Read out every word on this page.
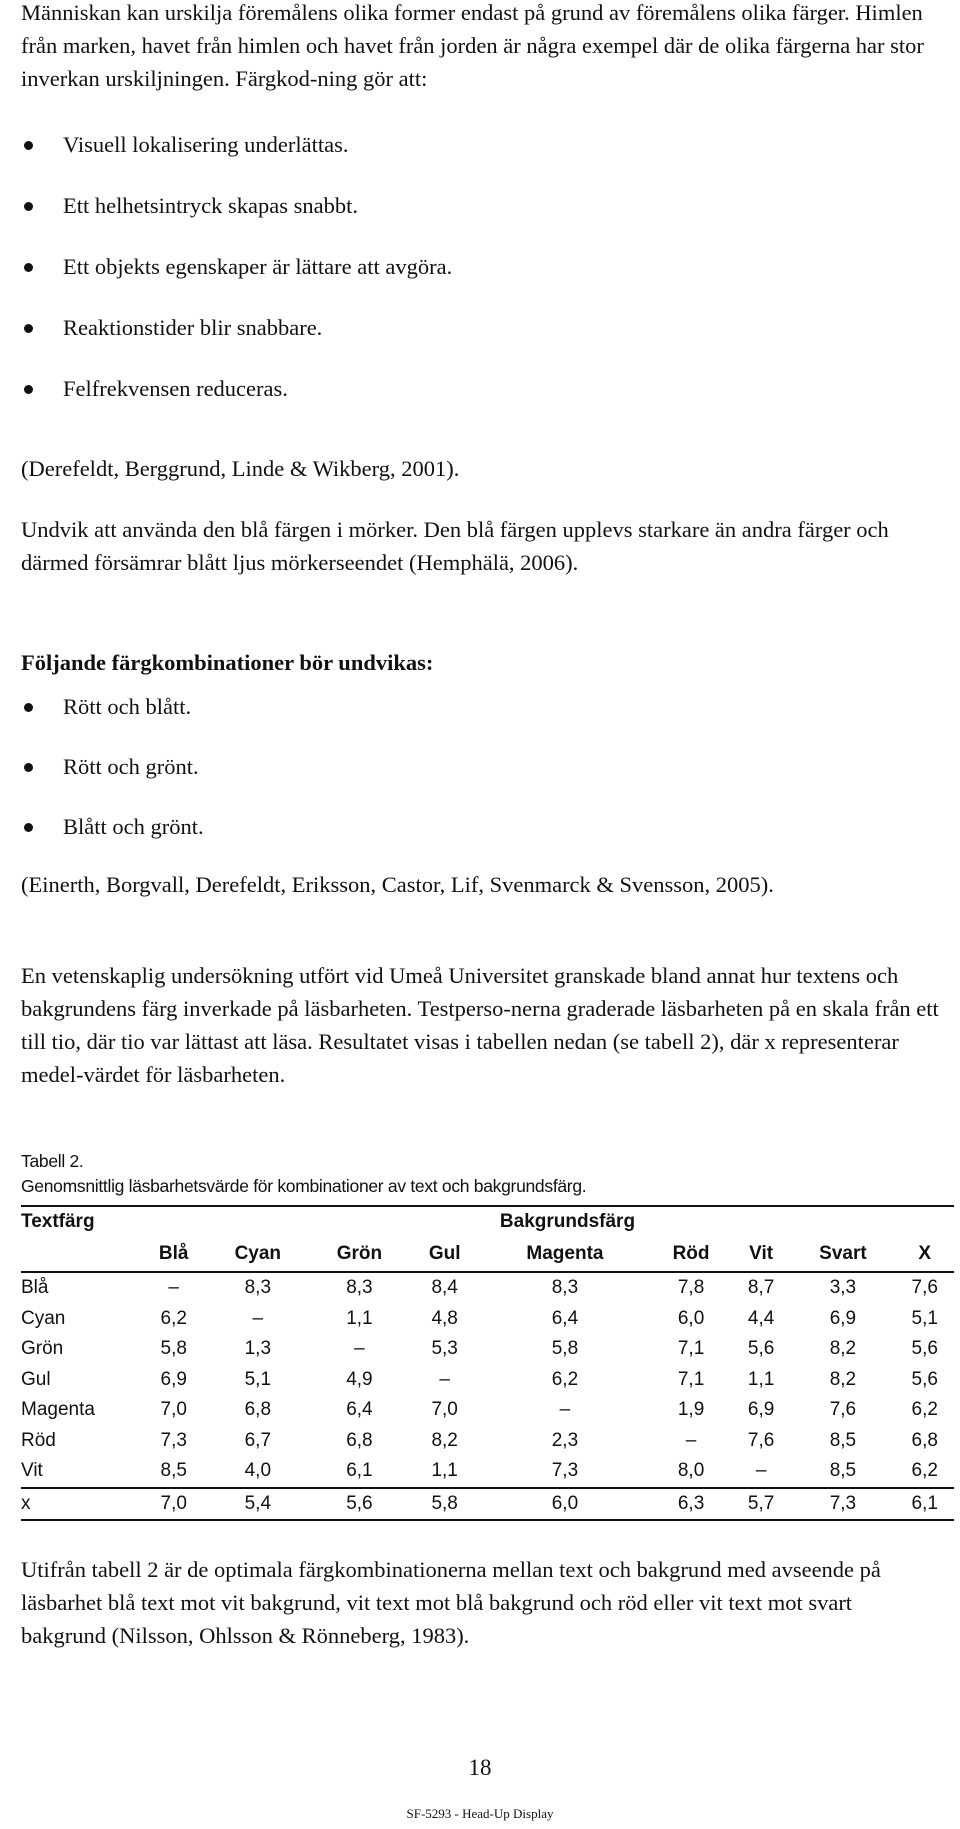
Människan kan urskilja föremålens olika former endast på grund av föremålens olika färger. Himlen från marken, havet från himlen och havet från jorden är några exempel där de olika färgerna har stor inverkan urskiljningen. Färgkod-ning gör att:

Visuell lokalisering underlättas.
Ett helhetsintryck skapas snabbt.
Ett objekts egenskaper är lättare att avgöra.
Reaktionstider blir snabbare.
Felfrekvensen reduceras.

(Derefeldt, Berggrund, Linde & Wikberg, 2001).

Undvik att använda den blå färgen i mörker. Den blå färgen upplevs starkare än andra färger och därmed försämrar blått ljus mörkerseendet (Hemphälä, 2006).

Följande färgkombinationer bör undvikas:

Rött och blått.
Rött och grönt.
Blått och grönt.

(Einerth, Borgvall, Derefeldt, Eriksson, Castor, Lif, Svenmarck & Svensson, 2005).

En vetenskaplig undersökning utfört vid Umeå Universitet granskade bland annat hur textens och bakgrundens färg inverkade på läsbarheten. Testperso-nerna graderade läsbarheten på en skala från ett till tio, där tio var lättast att läsa. Resultatet visas i tabellen nedan (se tabell 2), där x representerar medel-värdet för läsbarheten.

Tabell 2.
Genomsnittlig läsbarhetsvärde för kombinationer av text och bakgrundsfärg.
Textfärg	Bakgrundsfärg								
	Blå	Cyan	Grön	Gul	Magenta	Röd	Vit	Svart	X
Blå	–	8,3	8,3	8,4	8,3	7,8	8,7	3,3	7,6
Cyan	6,2	–	1,1	4,8	6,4	6,0	4,4	6,9	5,1
Grön	5,8	1,3	–	5,3	5,8	7,1	5,6	8,2	5,6
Gul	6,9	5,1	4,9	–	6,2	7,1	1,1	8,2	5,6
Magenta	7,0	6,8	6,4	7,0	–	1,9	6,9	7,6	6,2
Röd	7,3	6,7	6,8	8,2	2,3	–	7,6	8,5	6,8
Vit	8,5	4,0	6,1	1,1	7,3	8,0	–	8,5	6,2
x	7,0	5,4	5,6	5,8	6,0	6,3	5,7	7,3	6,1

Utifrån tabell 2 är de optimala färgkombinationerna mellan text och bakgrund med avseende på läsbarhet blå text mot vit bakgrund, vit text mot blå bakgrund och röd eller vit text mot svart bakgrund (Nilsson, Ohlsson & Rönneberg, 1983).

18
SF-5293 - Head-Up Display
